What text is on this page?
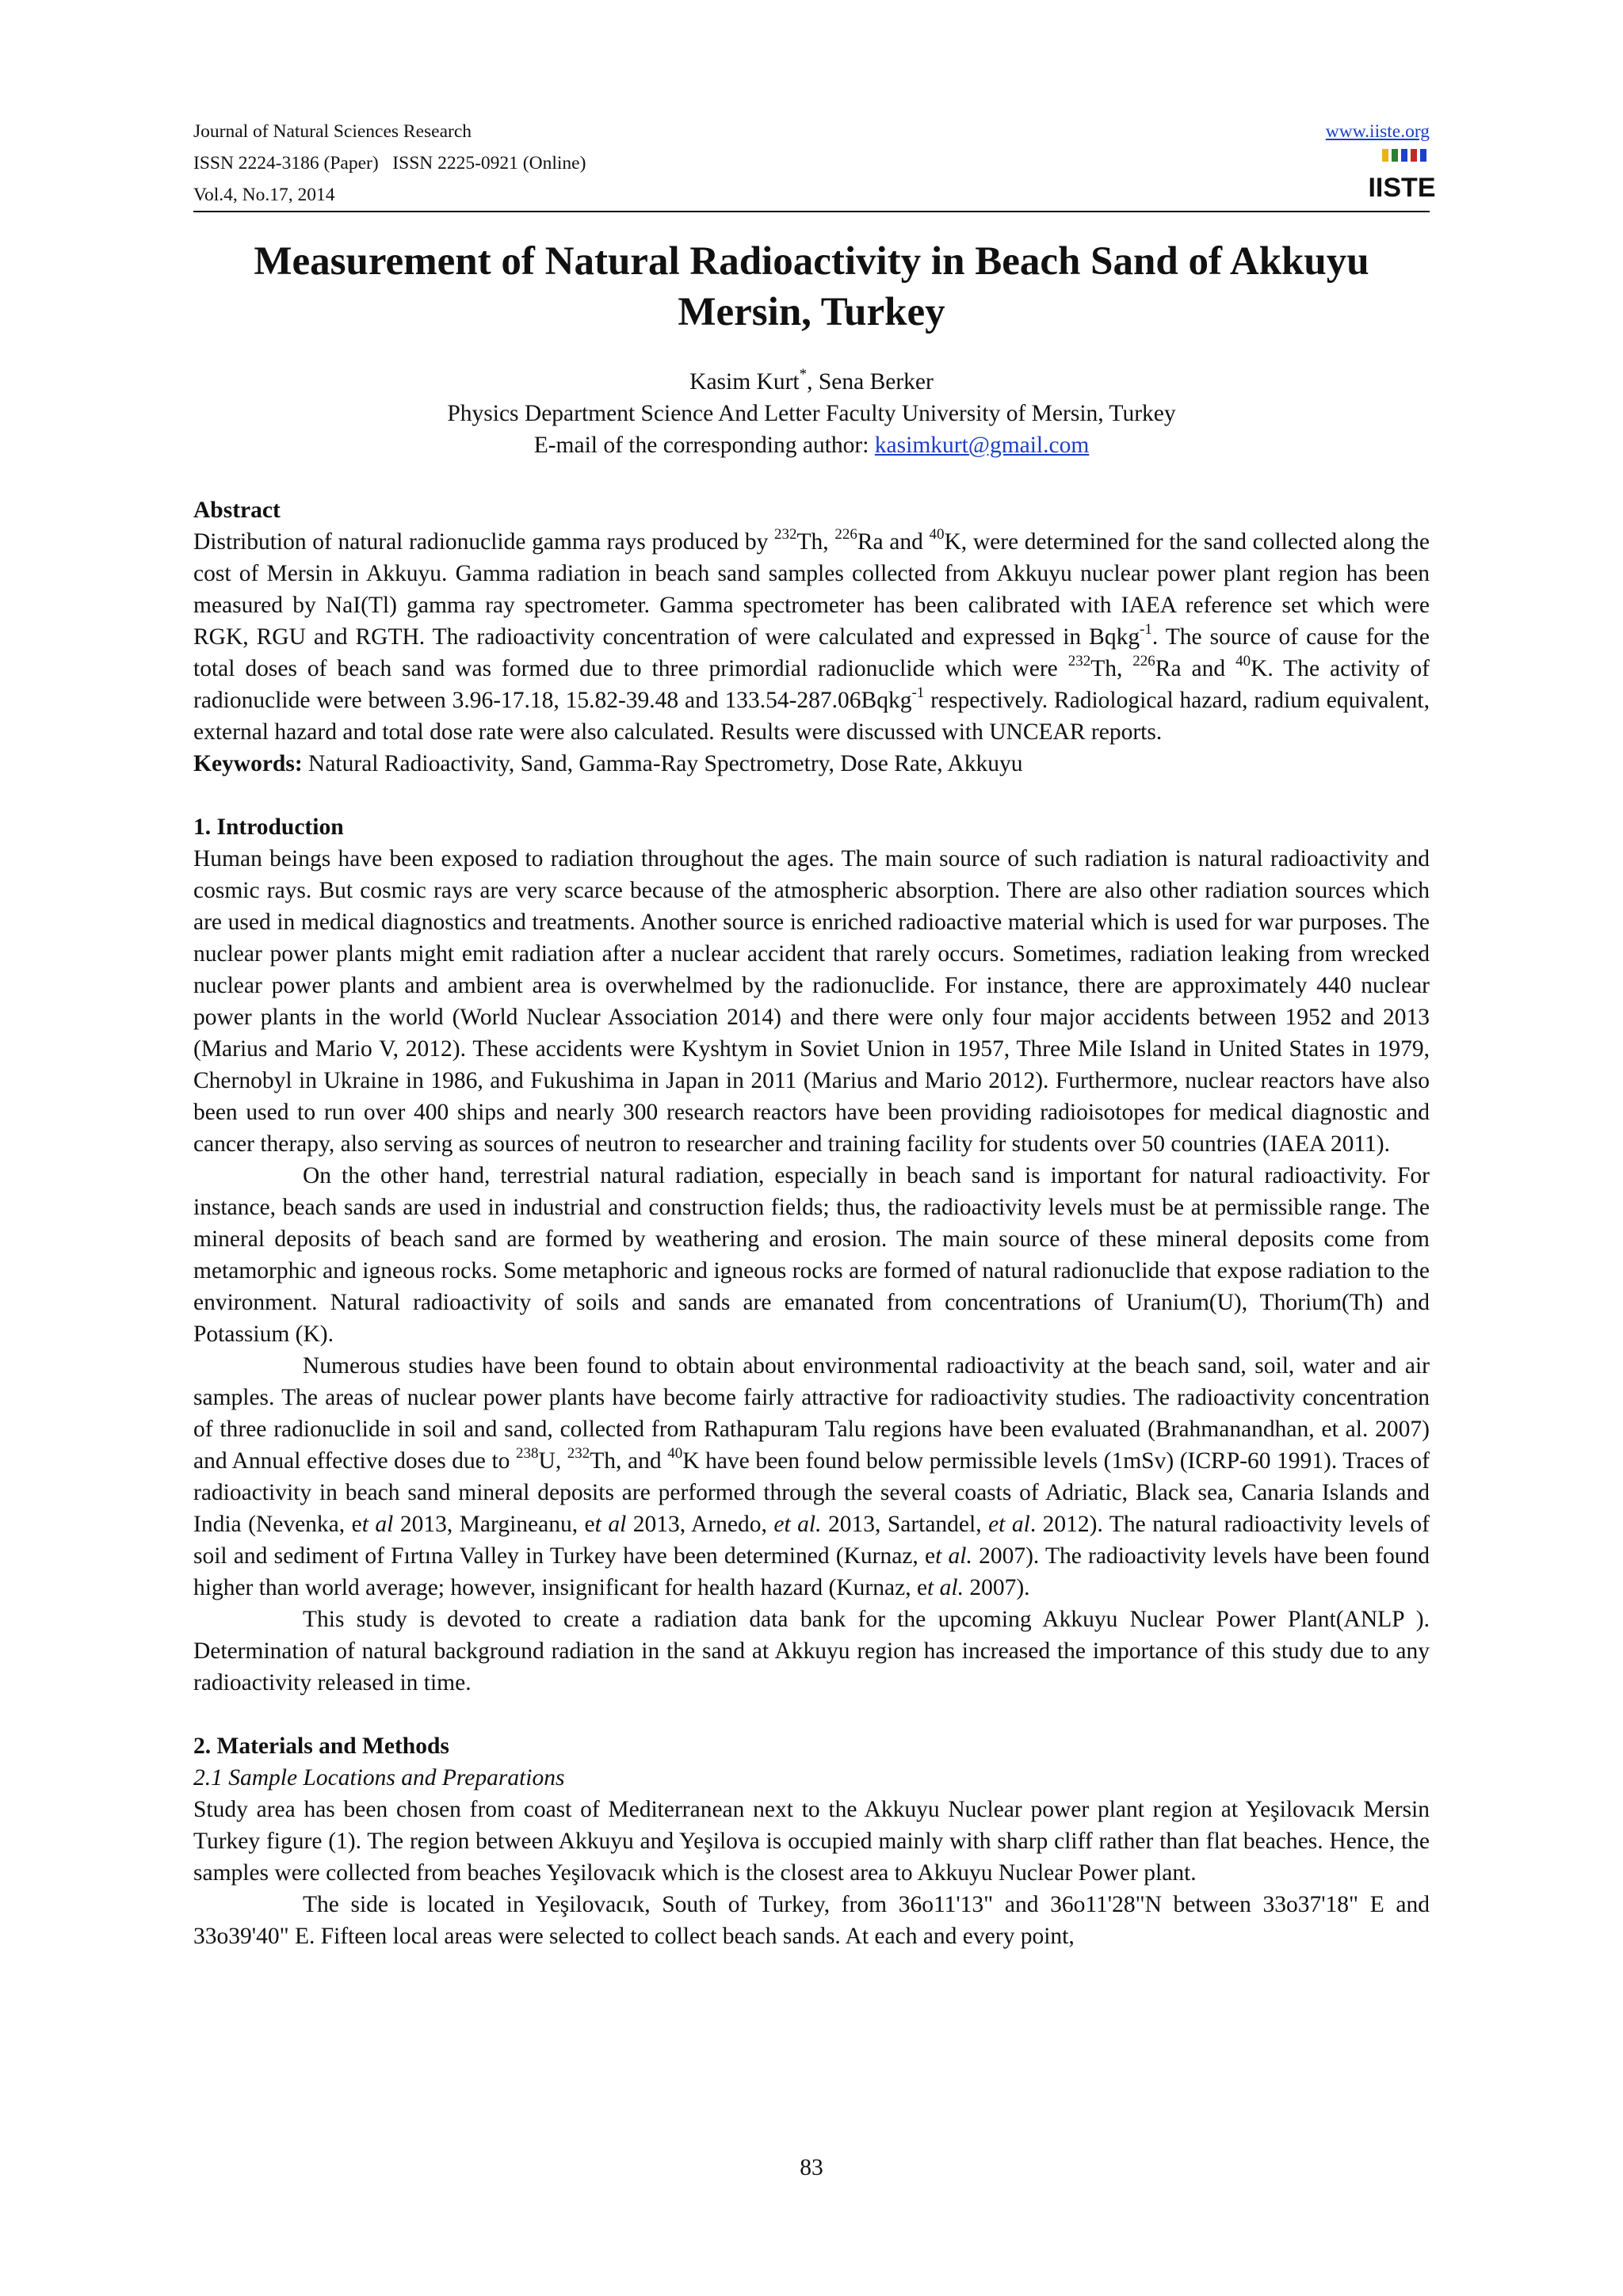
Journal of Natural Sciences Research
ISSN 2224-3186 (Paper)   ISSN 2225-0921 (Online)
Vol.4, No.17, 2014
www.iiste.org
IISTE
Measurement of Natural Radioactivity in Beach Sand of Akkuyu
Mersin, Turkey
Kasim Kurt*, Sena Berker
Physics Department Science And Letter Faculty University of Mersin, Turkey
E-mail of the corresponding author: kasimkurt@gmail.com

Abstract

Distribution of natural radionuclide gamma rays produced by $^{232}$Th, $^{226}$Ra and $^{40}$K, were determined for the sand collected along the cost of Mersin in Akkuyu. Gamma radiation in beach sand samples collected from Akkuyu nuclear power plant region has been measured by NaI(Tl) gamma ray spectrometer. Gamma spectrometer has been calibrated with IAEA reference set which were RGK, RGU and RGTH. The radioactivity concentration of were calculated and expressed in Bqkg$^{-1}$. The source of cause for the total doses of beach sand was formed due to three primordial radionuclide which were $^{232}$Th, $^{226}$Ra and $^{40}$K. The activity of radionuclide were between 3.96-17.18, 15.82-39.48 and 133.54-287.06Bqkg$^{-1}$ respectively. Radiological hazard, radium equivalent, external hazard and total dose rate were also calculated. Results were discussed with UNCEAR reports.

Keywords: Natural Radioactivity, Sand, Gamma-Ray Spectrometry, Dose Rate, Akkuyu

1. Introduction

Human beings have been exposed to radiation throughout the ages. The main source of such radiation is natural radioactivity and cosmic rays. But cosmic rays are very scarce because of the atmospheric absorption. There are also other radiation sources which are used in medical diagnostics and treatments. Another source is enriched radioactive material which is used for war purposes. The nuclear power plants might emit radiation after a nuclear accident that rarely occurs. Sometimes, radiation leaking from wrecked nuclear power plants and ambient area is overwhelmed by the radionuclide. For instance, there are approximately 440 nuclear power plants in the world (World Nuclear Association 2014) and there were only four major accidents between 1952 and 2013 (Marius and Mario V, 2012). These accidents were Kyshtym in Soviet Union in 1957, Three Mile Island in United States in 1979, Chernobyl in Ukraine in 1986, and Fukushima in Japan in 2011 (Marius and Mario 2012). Furthermore, nuclear reactors have also been used to run over 400 ships and nearly 300 research reactors have been providing radioisotopes for medical diagnostic and cancer therapy, also serving as sources of neutron to researcher and training facility for students over 50 countries (IAEA 2011).

On the other hand, terrestrial natural radiation, especially in beach sand is important for natural radioactivity. For instance, beach sands are used in industrial and construction fields; thus, the radioactivity levels must be at permissible range. The mineral deposits of beach sand are formed by weathering and erosion. The main source of these mineral deposits come from metamorphic and igneous rocks. Some metaphoric and igneous rocks are formed of natural radionuclide that expose radiation to the environment. Natural radioactivity of soils and sands are emanated from concentrations of Uranium(U), Thorium(Th) and Potassium (K).

Numerous studies have been found to obtain about environmental radioactivity at the beach sand, soil, water and air samples. The areas of nuclear power plants have become fairly attractive for radioactivity studies. The radioactivity concentration of three radionuclide in soil and sand, collected from Rathapuram Talu regions have been evaluated (Brahmanandhan, et al. 2007) and Annual effective doses due to $^{238}$U, $^{232}$Th, and $^{40}$K have been found below permissible levels (1mSv) (ICRP-60 1991). Traces of radioactivity in beach sand mineral deposits are performed through the several coasts of Adriatic, Black sea, Canaria Islands and India (Nevenka, et al 2013, Margineanu, et al 2013, Arnedo, et al. 2013, Sartandel, et al. 2012). The natural radioactivity levels of soil and sediment of Fırtına Valley in Turkey have been determined (Kurnaz, et al. 2007). The radioactivity levels have been found higher than world average; however, insignificant for health hazard (Kurnaz, et al. 2007).

This study is devoted to create a radiation data bank for the upcoming Akkuyu Nuclear Power Plant(ANLP ). Determination of natural background radiation in the sand at Akkuyu region has increased the importance of this study due to any radioactivity released in time.

2. Materials and Methods

2.1 Sample Locations and Preparations

Study area has been chosen from coast of Mediterranean next to the Akkuyu Nuclear power plant region at Yeşilovacık Mersin Turkey figure (1). The region between Akkuyu and Yeşilova is occupied mainly with sharp cliff rather than flat beaches. Hence, the samples were collected from beaches Yeşilovacık which is the closest area to Akkuyu Nuclear Power plant.

The side is located in Yeşilovacık, South of Turkey, from 36o11'13" and 36o11'28"N between 33o37'18" E and 33o39'40" E. Fifteen local areas were selected to collect beach sands. At each and every point,

83
